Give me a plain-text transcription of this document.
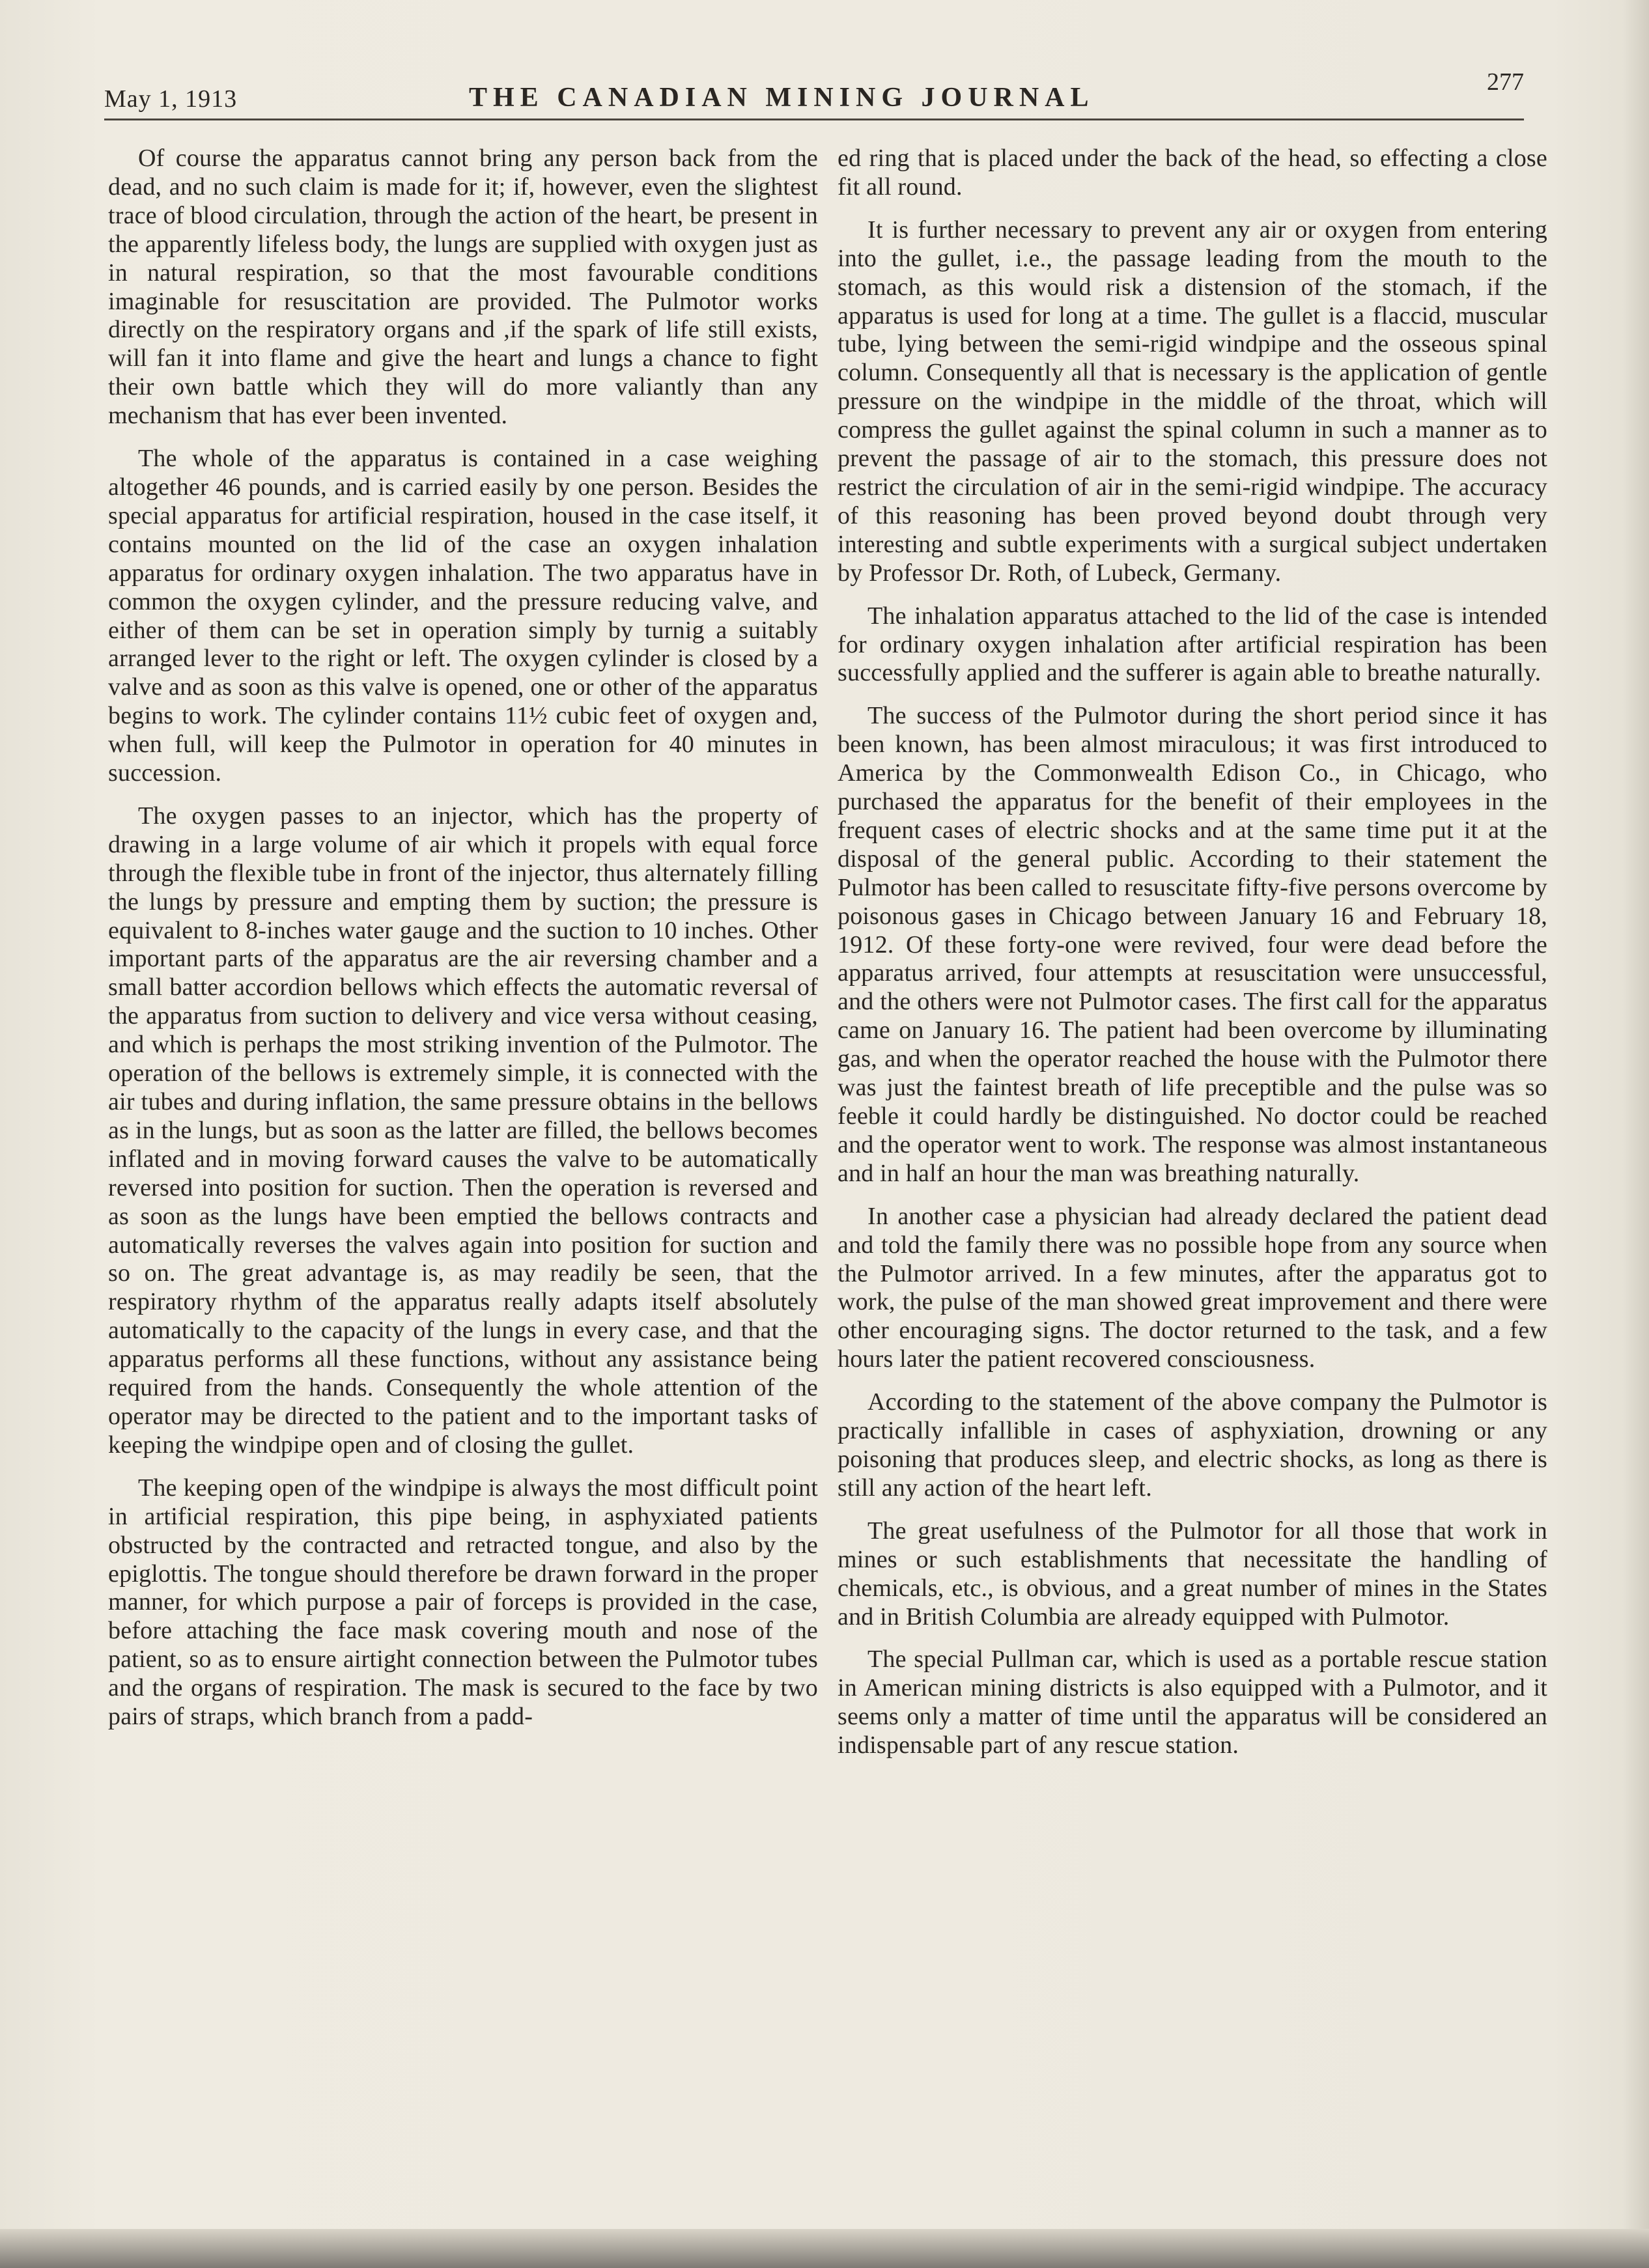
May 1, 1913	THE CANADIAN MINING JOURNAL
277

Of course the apparatus cannot bring any person back from the dead, and no such claim is made for it; if, however, even the slightest trace of blood circulation, through the action of the heart, be present in the apparently lifeless body, the lungs are supplied with oxygen just as in natural respiration, so that the most favourable conditions imaginable for resuscitation are provided. The Pulmotor works directly on the respiratory organs and ,if the spark of life still exists, will fan it into flame and give the heart and lungs a chance to fight their own battle which they will do more valiantly than any mechanism that has ever been invented.

The whole of the apparatus is contained in a case weighing altogether 46 pounds, and is carried easily by one person. Besides the special apparatus for artificial respiration, housed in the case itself, it contains mounted on the lid of the case an oxygen inhalation apparatus for ordinary oxygen inhalation. The two apparatus have in common the oxygen cylinder, and the pressure reducing valve, and either of them can be set in operation simply by turnig a suitably arranged lever to the right or left. The oxygen cylinder is closed by a valve and as soon as this valve is opened, one or other of the apparatus begins to work. The cylinder contains 11½ cubic feet of oxygen and, when full, will keep the Pulmotor in operation for 40 minutes in succession.

The oxygen passes to an injector, which has the property of drawing in a large volume of air which it propels with equal force through the flexible tube in front of the injector, thus alternately filling the lungs by pressure and empting them by suction; the pressure is equivalent to 8-inches water gauge and the suction to 10 inches. Other important parts of the apparatus are the air reversing chamber and a small batter accordion bellows which effects the automatic reversal of the apparatus from suction to delivery and vice versa without ceasing, and which is perhaps the most striking invention of the Pulmotor. The operation of the bellows is extremely simple, it is connected with the air tubes and during inflation, the same pressure obtains in the bellows as in the lungs, but as soon as the latter are filled, the bellows becomes inflated and in moving forward causes the valve to be automatically reversed into position for suction. Then the operation is reversed and as soon as the lungs have been emptied the bellows contracts and automatically reverses the valves again into position for suction and so on. The great advantage is, as may readily be seen, that the respiratory rhythm of the apparatus really adapts itself absolutely automatically to the capacity of the lungs in every case, and that the apparatus performs all these functions, without any assistance being required from the hands. Consequently the whole attention of the operator may be directed to the patient and to the important tasks of keeping the windpipe open and of closing the gullet.

The keeping open of the windpipe is always the most difficult point in artificial respiration, this pipe being, in asphyxiated patients obstructed by the contracted and retracted tongue, and also by the epiglottis. The tongue should therefore be drawn forward in the proper manner, for which purpose a pair of forceps is provided in the case, before attaching the face mask covering mouth and nose of the patient, so as to ensure airtight connection between the Pulmotor tubes and the organs of respiration. The mask is secured to the face by two pairs of straps, which branch from a padd-

ed ring that is placed under the back of the head, so effecting a close fit all round.

It is further necessary to prevent any air or oxygen from entering into the gullet, i.e., the passage leading from the mouth to the stomach, as this would risk a distension of the stomach, if the apparatus is used for long at a time. The gullet is a flaccid, muscular tube, lying between the semi-rigid windpipe and the osseous spinal column. Consequently all that is necessary is the application of gentle pressure on the windpipe in the middle of the throat, which will compress the gullet against the spinal column in such a manner as to prevent the passage of air to the stomach, this pressure does not restrict the circulation of air in the semi-rigid windpipe. The accuracy of this reasoning has been proved beyond doubt through very interesting and subtle experiments with a surgical subject undertaken by Professor Dr. Roth, of Lubeck, Germany.

The inhalation apparatus attached to the lid of the case is intended for ordinary oxygen inhalation after artificial respiration has been successfully applied and the sufferer is again able to breathe naturally.

The success of the Pulmotor during the short period since it has been known, has been almost miraculous; it was first introduced to America by the Commonwealth Edison Co., in Chicago, who purchased the apparatus for the benefit of their employees in the frequent cases of electric shocks and at the same time put it at the disposal of the general public. According to their statement the Pulmotor has been called to resuscitate fifty-five persons overcome by poisonous gases in Chicago between January 16 and February 18, 1912. Of these forty-one were revived, four were dead before the apparatus arrived, four attempts at resuscitation were unsuccessful, and the others were not Pulmotor cases. The first call for the apparatus came on January 16. The patient had been overcome by illuminating gas, and when the operator reached the house with the Pulmotor there was just the faintest breath of life preceptible and the pulse was so feeble it could hardly be distinguished. No doctor could be reached and the operator went to work. The response was almost instantaneous and in half an hour the man was breathing naturally.

In another case a physician had already declared the patient dead and told the family there was no possible hope from any source when the Pulmotor arrived. In a few minutes, after the apparatus got to work, the pulse of the man showed great improvement and there were other encouraging signs. The doctor returned to the task, and a few hours later the patient recovered consciousness.

According to the statement of the above company the Pulmotor is practically infallible in cases of asphyxiation, drowning or any poisoning that produces sleep, and electric shocks, as long as there is still any action of the heart left.

The great usefulness of the Pulmotor for all those that work in mines or such establishments that necessitate the handling of chemicals, etc., is obvious, and a great number of mines in the States and in British Columbia are already equipped with Pulmotor.

The special Pullman car, which is used as a portable rescue station in American mining districts is also equipped with a Pulmotor, and it seems only a matter of time until the apparatus will be considered an indispensable part of any rescue station.
